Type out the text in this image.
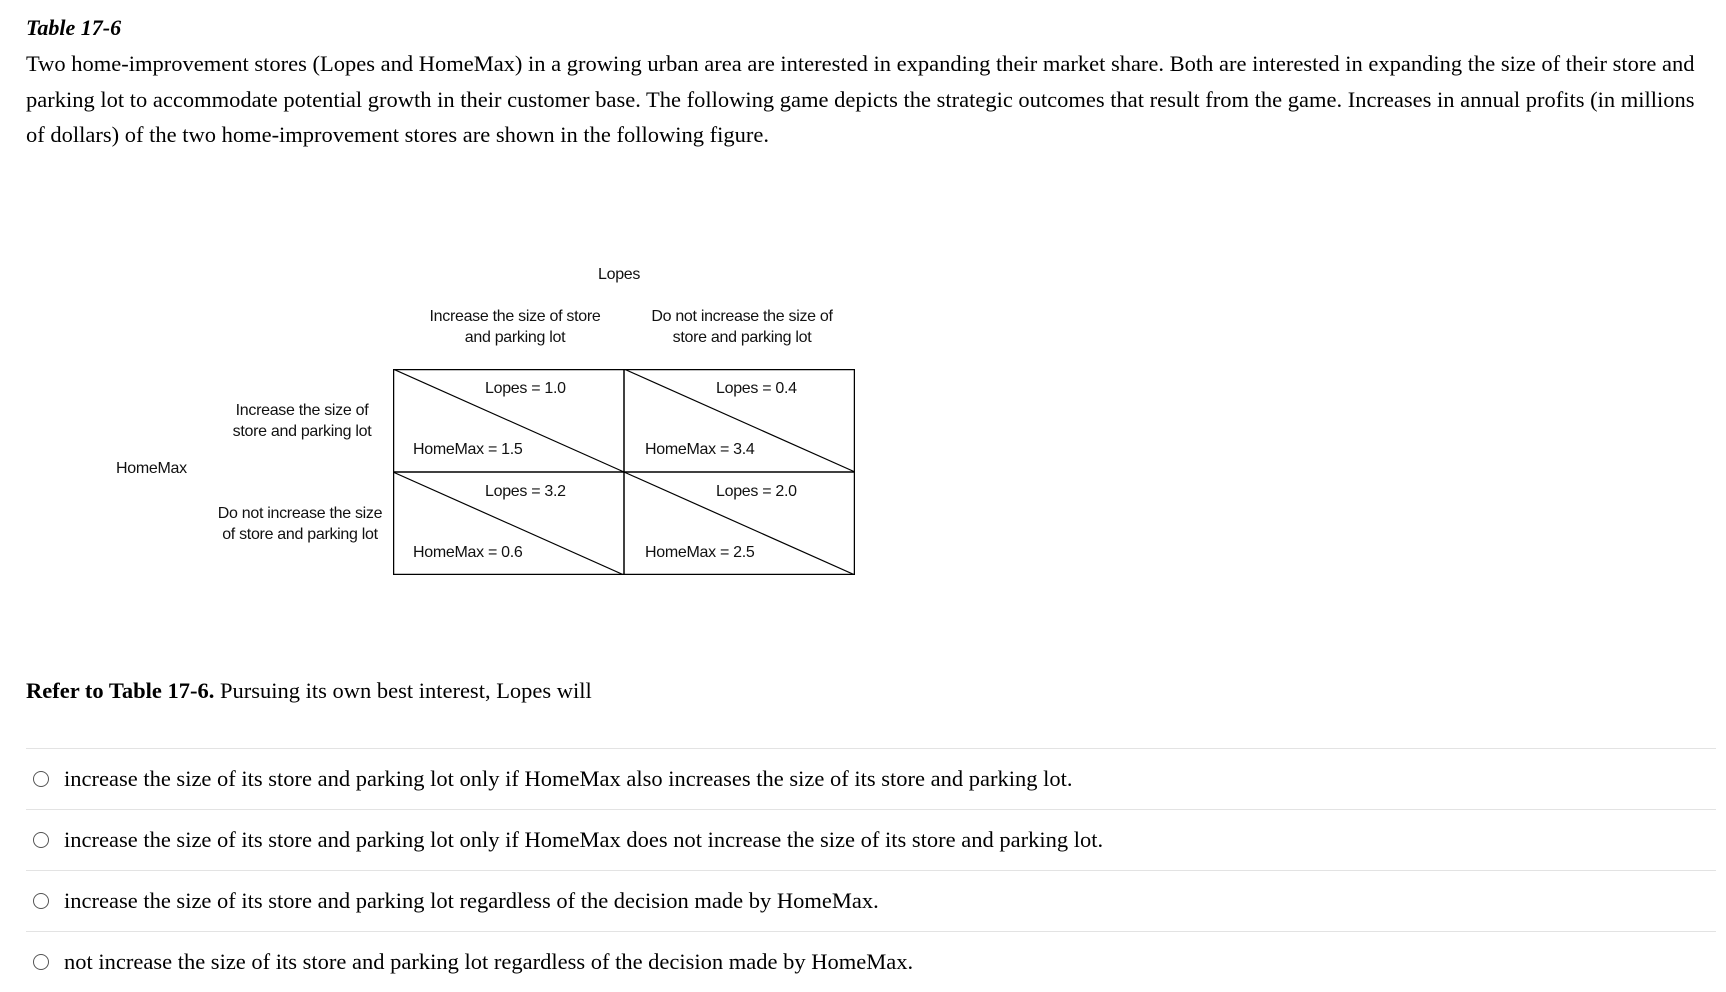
Table 17-6
Two home-improvement stores (Lopes and HomeMax) in a growing urban area are interested in expanding their market share. Both are interested in expanding the size of their store and parking lot to accommodate potential growth in their customer base. The following game depicts the strategic outcomes that result from the game. Increases in annual profits (in millions of dollars) of the two home-improvement stores are shown in the following figure.
Lopes
Increase the size of store
and parking lot
Do not increase the size of
store and parking lot
HomeMax
Increase the size of
store and parking lot
Do not increase the size
of store and parking lot
Lopes = 1.0
HomeMax = 1.5
Lopes = 0.4
HomeMax = 3.4
Lopes = 3.2
HomeMax = 0.6
Lopes = 2.0
HomeMax = 2.5
Refer to Table 17-6. Pursuing its own best interest, Lopes will
increase the size of its store and parking lot only if HomeMax also increases the size of its store and parking lot.
increase the size of its store and parking lot only if HomeMax does not increase the size of its store and parking lot.
increase the size of its store and parking lot regardless of the decision made by HomeMax.
not increase the size of its store and parking lot regardless of the decision made by HomeMax.
